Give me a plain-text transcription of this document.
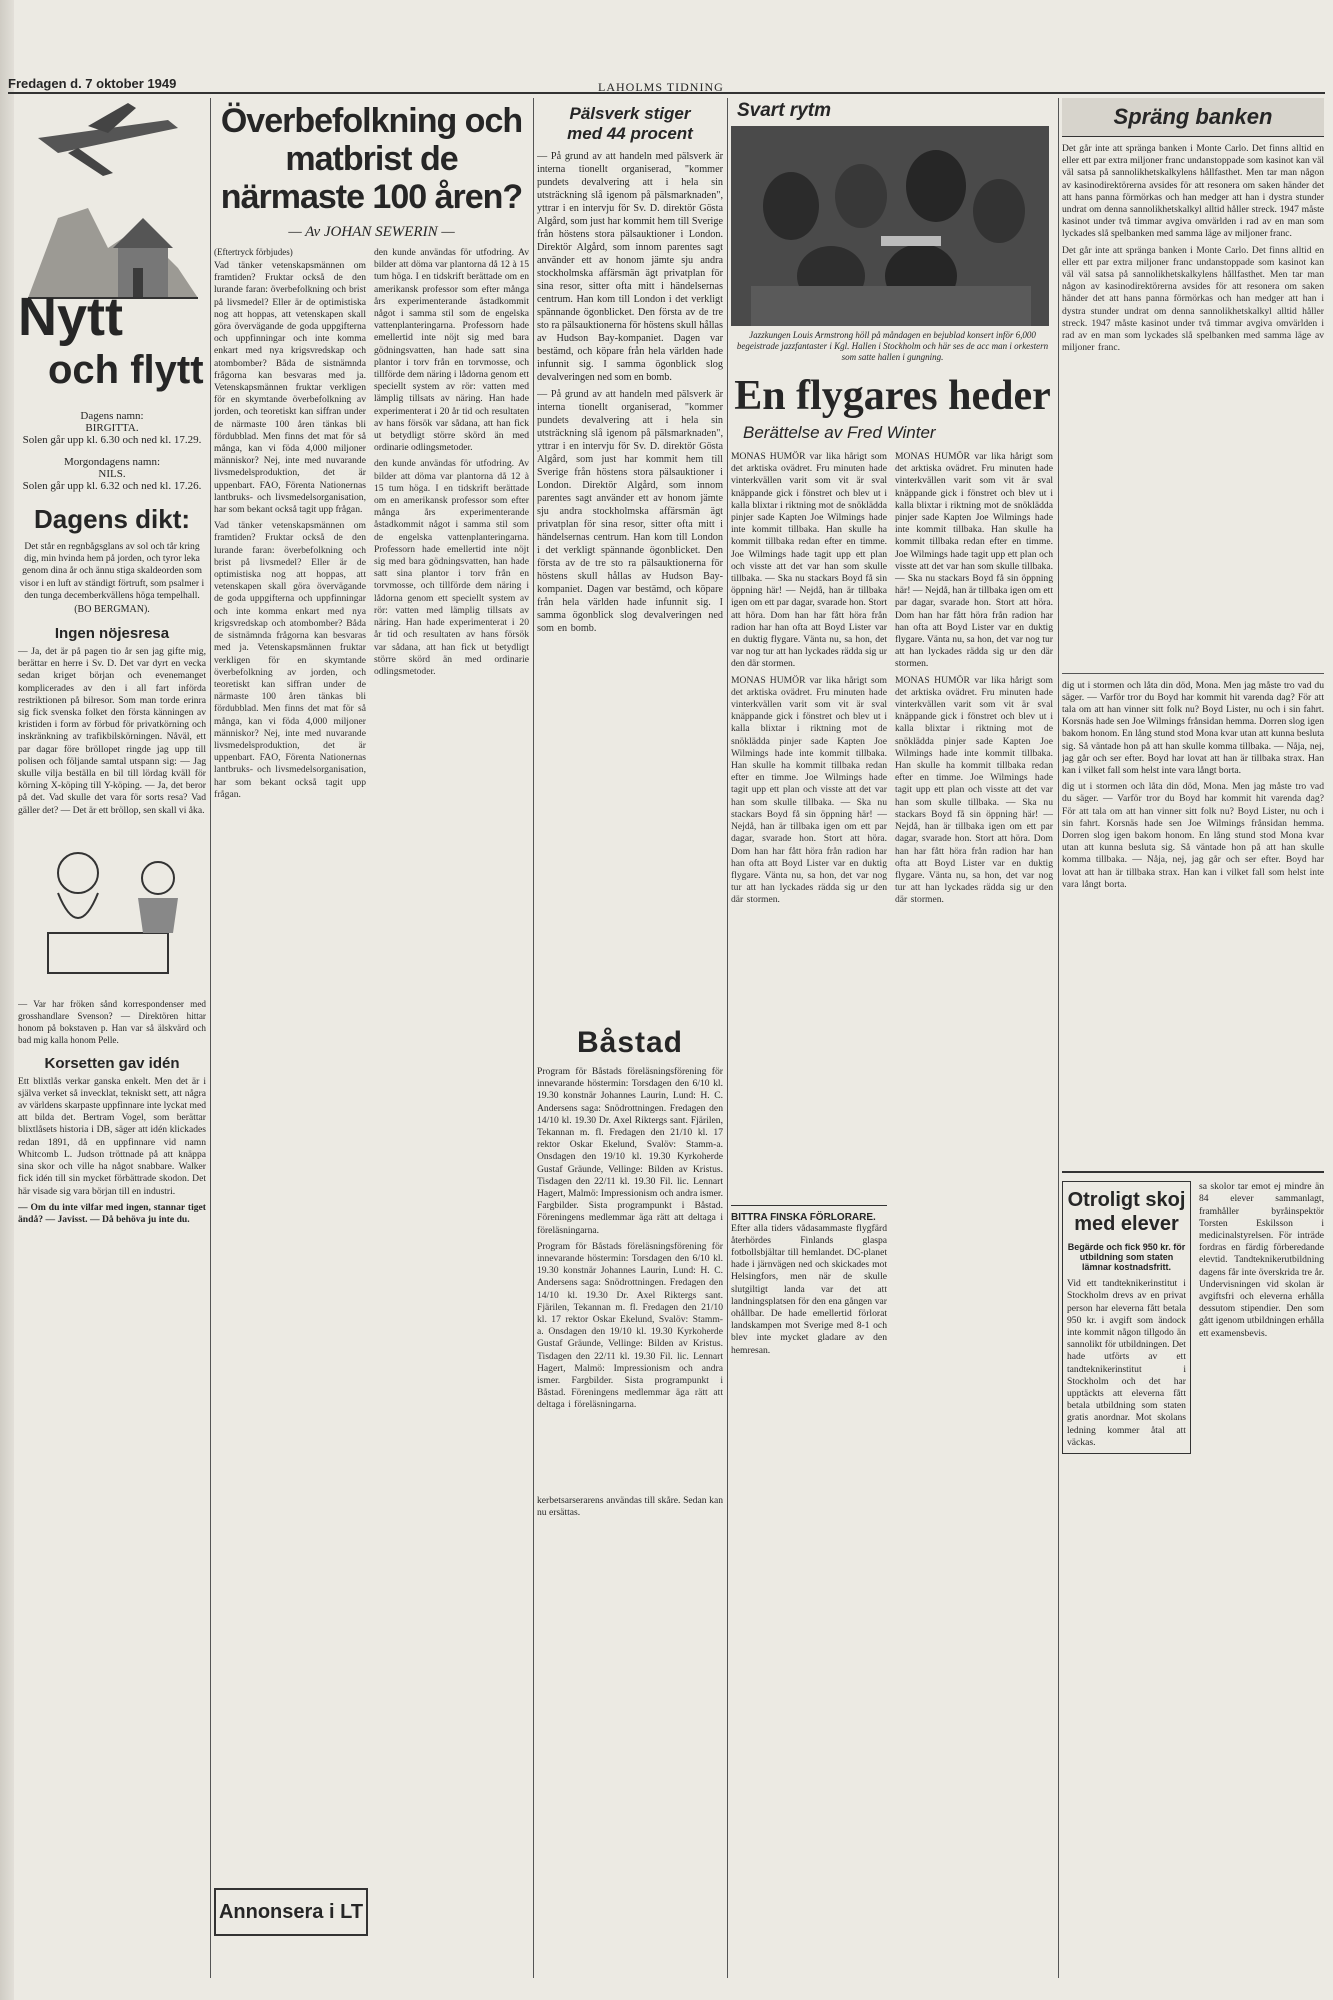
Fredagen d. 7 oktober 1949	LAHOLMS TIDNING
Nytt
och flytt
Dagens namn:
BIRGITTA.
Solen går upp kl. 6.30 och ned kl. 17.29.
Morgondagens namn:
NILS.
Solen går upp kl. 6.32 och ned kl. 17.26.
Dagens dikt:
Det står en regnbågsglans av sol och tår kring dig, min hvinda hem på jorden, och tyror leka genom dina år och ännu stiga skaldeorden som visor i en luft av ständigt förtruft, som psalmer i den tunga decemberkvällens höga tempelhall.
(BO BERGMAN).
Ingen nöjesresa
— Ja, det är på pagen tio år sen jag gifte mig, berättar en herre i Sv. D. Det var dyrt en vecka sedan kriget början och evenemanget komplicerades av den i all fart införda restriktionen på bilresor. Som man torde erinra sig fick svenska folket den första känningen av kristiden i form av förbud för privatkörning och inskränkning av trafikbilskörningen. Nåväl, ett par dagar före bröllopet ringde jag upp till polisen och följande samtal utspann sig: — Jag skulle vilja beställa en bil till lördag kväll för körning X-köping till Y-köping. — Ja, det beror på det. Vad skulle det vara för sorts resa? Vad gäller det? — Det är ett bröllop, sen skall vi åka.
— Var har fröken sånd korrespondenser med grosshandlare Svenson? — Direktören hittar honom på bokstaven p. Han var så älskvärd och bad mig kalla honom Pelle.
Korsetten gav idén
Ett blixtlås verkar ganska enkelt. Men det är i själva verket så invecklat, tekniskt sett, att några av världens skarpaste uppfinnare inte lyckat med att bilda det. Bertram Vogel, som berättar blixtlåsets historia i DB, säger att idén klickades redan 1891, då en uppfinnare vid namn Whitcomb L. Judson tröttnade på att knäppa sina skor och ville ha något snabbare. Walker fick idén till sin mycket förbättrade skodon. Det här visade sig vara början till en industri.
— Om du inte vilfar med ingen, stannar tiget ändå? — Javisst. — Då behöva ju inte du.
Överbefolkning och matbrist de
närmaste 100 åren?
— Av JOHAN SEWERIN —
(Eftertryck förbjudes)
Vad tänker vetenskapsmännen om framtiden? Fruktar också de den lurande faran: överbefolkning och brist på livsmedel? Eller är de optimistiska nog att hoppas, att vetenskapen skall göra övervägande de goda uppgifterna och uppfinningar och inte komma enkart med nya krigsvredskap och atombomber? Båda de sistnämnda frågorna kan besvaras med ja. Vetenskapsmännen fruktar verkligen för en skymtande överbefolkning av jorden, och teoretiskt kan siffran under de närmaste 100 åren tänkas bli fördubblad. Men finns det mat för så många, kan vi föda 4,000 miljoner människor? Nej, inte med nuvarande livsmedelsproduktion, det är uppenbart. FAO, Förenta Nationernas lantbruks- och livsmedelsorganisation, har som bekant också tagit upp frågan.
Vad tänker vetenskapsmännen om framtiden? Fruktar också de den lurande faran: överbefolkning och brist på livsmedel? Eller är de optimistiska nog att hoppas, att vetenskapen skall göra övervägande de goda uppgifterna och uppfinningar och inte komma enkart med nya krigsvredskap och atombomber? Båda de sistnämnda frågorna kan besvaras med ja. Vetenskapsmännen fruktar verkligen för en skymtande överbefolkning av jorden, och teoretiskt kan siffran under de närmaste 100 åren tänkas bli fördubblad. Men finns det mat för så många, kan vi föda 4,000 miljoner människor? Nej, inte med nuvarande livsmedelsproduktion, det är uppenbart. FAO, Förenta Nationernas lantbruks- och livsmedelsorganisation, har som bekant också tagit upp frågan.
den kunde användas för utfodring. Av bilder att döma var plantorna då 12 à 15 tum höga. I en tidskrift berättade om en amerikansk professor som efter många års experimenterande åstadkommit något i samma stil som de engelska vattenplanteringarna. Professorn hade emellertid inte nöjt sig med bara gödningsvatten, han hade satt sina plantor i torv från en torvmosse, och tillförde dem näring i lådorna genom ett speciellt system av rör: vatten med lämplig tillsats av näring. Han hade experimenterat i 20 år tid och resultaten av hans försök var sådana, att han fick ut betydligt större skörd än med ordinarie odlingsmetoder.
den kunde användas för utfodring. Av bilder att döma var plantorna då 12 à 15 tum höga. I en tidskrift berättade om en amerikansk professor som efter många års experimenterande åstadkommit något i samma stil som de engelska vattenplanteringarna. Professorn hade emellertid inte nöjt sig med bara gödningsvatten, han hade satt sina plantor i torv från en torvmosse, och tillförde dem näring i lådorna genom ett speciellt system av rör: vatten med lämplig tillsats av näring. Han hade experimenterat i 20 år tid och resultaten av hans försök var sådana, att han fick ut betydligt större skörd än med ordinarie odlingsmetoder.
Annonsera i LT
Pälsverk stiger
med 44 procent
— På grund av att handeln med pälsverk är interna tionellt organiserad, "kommer pundets devalvering att i hela sin utsträckning slå igenom på pälsmarknaden", yttrar i en intervju för Sv. D. direktör Gösta Algård, som just har kommit hem till Sverige från höstens stora pälsauktioner i London. Direktör Algård, som innom parentes sagt använder ett av honom jämte sju andra stockholmska affärsmän ägt privatplan för sina resor, sitter ofta mitt i händelsernas centrum. Han kom till London i det verkligt spännande ögonblicket. Den första av de tre sto ra pälsauktionerna för höstens skull hållas av Hudson Bay-kompaniet. Dagen var bestämd, och köpare från hela världen hade infunnit sig. I samma ögonblick slog devalveringen ned som en bomb.
— På grund av att handeln med pälsverk är interna tionellt organiserad, "kommer pundets devalvering att i hela sin utsträckning slå igenom på pälsmarknaden", yttrar i en intervju för Sv. D. direktör Gösta Algård, som just har kommit hem till Sverige från höstens stora pälsauktioner i London. Direktör Algård, som innom parentes sagt använder ett av honom jämte sju andra stockholmska affärsmän ägt privatplan för sina resor, sitter ofta mitt i händelsernas centrum. Han kom till London i det verkligt spännande ögonblicket. Den första av de tre sto ra pälsauktionerna för höstens skull hållas av Hudson Bay-kompaniet. Dagen var bestämd, och köpare från hela världen hade infunnit sig. I samma ögonblick slog devalveringen ned som en bomb.
Båstad
Program för Båstads föreläsningsförening för innevarande höstermin: Torsdagen den 6/10 kl. 19.30 konstnär Johannes Laurin, Lund: H. C. Andersens saga: Snödrottningen. Fredagen den 14/10 kl. 19.30 Dr. Axel Riktergs sant. Fjärilen, Tekannan m. fl. Fredagen den 21/10 kl. 17 rektor Oskar Ekelund, Svalöv: Stamm-a. Onsdagen den 19/10 kl. 19.30 Kyrkoherde Gustaf Gräunde, Vellinge: Bilden av Kristus. Tisdagen den 22/11 kl. 19.30 Fil. lic. Lennart Hagert, Malmö: Impressionism och andra ismer. Fargbilder. Sista programpunkt i Båstad. Föreningens medlemmar äga rätt att deltaga i föreläsningarna.
Program för Båstads föreläsningsförening för innevarande höstermin: Torsdagen den 6/10 kl. 19.30 konstnär Johannes Laurin, Lund: H. C. Andersens saga: Snödrottningen. Fredagen den 14/10 kl. 19.30 Dr. Axel Riktergs sant. Fjärilen, Tekannan m. fl. Fredagen den 21/10 kl. 17 rektor Oskar Ekelund, Svalöv: Stamm-a. Onsdagen den 19/10 kl. 19.30 Kyrkoherde Gustaf Gräunde, Vellinge: Bilden av Kristus. Tisdagen den 22/11 kl. 19.30 Fil. lic. Lennart Hagert, Malmö: Impressionism och andra ismer. Fargbilder. Sista programpunkt i Båstad. Föreningens medlemmar äga rätt att deltaga i föreläsningarna.
kerbetsarserarens användas till skåre. Sedan kan nu ersättas.
Svart rytm
Jazzkungen Louis Armstrong höll på måndagen en bejublad konsert inför 6,000 begeistrade jazzfantaster i Kgl. Hallen i Stockholm och här ses de acc man i orkestern som satte hallen i gungning.
En flygares heder
Berättelse av Fred Winter
MONAS HUMÖR var lika hårigt som det arktiska ovädret. Fru minuten hade vinterkvällen varit som vit är sval knäppande gick i fönstret och blev ut i kalla blixtar i riktning mot de snöklädda pinjer sade Kapten Joe Wilmings hade inte kommit tillbaka. Han skulle ha kommit tillbaka redan efter en timme. Joe Wilmings hade tagit upp ett plan och visste att det var han som skulle tillbaka. — Ska nu stackars Boyd få sin öppning här! — Nejdå, han är tillbaka igen om ett par dagar, svarade hon. Stort att höra. Dom han har fått höra från radion har han ofta att Boyd Lister var en duktig flygare. Vänta nu, sa hon, det var nog tur att han lyckades rädda sig ur den där stormen.
MONAS HUMÖR var lika hårigt som det arktiska ovädret. Fru minuten hade vinterkvällen varit som vit är sval knäppande gick i fönstret och blev ut i kalla blixtar i riktning mot de snöklädda pinjer sade Kapten Joe Wilmings hade inte kommit tillbaka. Han skulle ha kommit tillbaka redan efter en timme. Joe Wilmings hade tagit upp ett plan och visste att det var han som skulle tillbaka. — Ska nu stackars Boyd få sin öppning här! — Nejdå, han är tillbaka igen om ett par dagar, svarade hon. Stort att höra. Dom han har fått höra från radion har han ofta att Boyd Lister var en duktig flygare. Vänta nu, sa hon, det var nog tur att han lyckades rädda sig ur den där stormen.
MONAS HUMÖR var lika hårigt som det arktiska ovädret. Fru minuten hade vinterkvällen varit som vit är sval knäppande gick i fönstret och blev ut i kalla blixtar i riktning mot de snöklädda pinjer sade Kapten Joe Wilmings hade inte kommit tillbaka. Han skulle ha kommit tillbaka redan efter en timme. Joe Wilmings hade tagit upp ett plan och visste att det var han som skulle tillbaka. — Ska nu stackars Boyd få sin öppning här! — Nejdå, han är tillbaka igen om ett par dagar, svarade hon. Stort att höra. Dom han har fått höra från radion har han ofta att Boyd Lister var en duktig flygare. Vänta nu, sa hon, det var nog tur att han lyckades rädda sig ur den där stormen.
MONAS HUMÖR var lika hårigt som det arktiska ovädret. Fru minuten hade vinterkvällen varit som vit är sval knäppande gick i fönstret och blev ut i kalla blixtar i riktning mot de snöklädda pinjer sade Kapten Joe Wilmings hade inte kommit tillbaka. Han skulle ha kommit tillbaka redan efter en timme. Joe Wilmings hade tagit upp ett plan och visste att det var han som skulle tillbaka. — Ska nu stackars Boyd få sin öppning här! — Nejdå, han är tillbaka igen om ett par dagar, svarade hon. Stort att höra. Dom han har fått höra från radion har han ofta att Boyd Lister var en duktig flygare. Vänta nu, sa hon, det var nog tur att han lyckades rädda sig ur den där stormen.
BITTRA FINSKA FÖRLORARE.
Efter alla tiders vådasammaste flygfärd återhördes Finlands glaspa fotbollsbjältar till hemlandet. DC-planet hade i järnvägen ned och skickades mot Helsingfors, men när de skulle slutgiltigt landa var det att landningsplatsen för den ena gången var ohållbar. De hade emellertid förlorat landskampen mot Sverige med 8-1 och blev inte mycket gladare av den hemresan.
Spräng banken
Det går inte att spränga banken i Monte Carlo. Det finns alltid en eller ett par extra miljoner franc undanstoppade som kasinot kan väl väl satsa på sannolikhetskalkylens hållfasthet. Men tar man någon av kasinodirektörerna avsides för att resonera om saken händer det att hans panna förmörkas och han medger att han i dystra stunder undrat om denna sannolikhetskalkyl alltid håller streck. 1947 måste kasinot under två timmar avgiva omvärlden i rad av en man som lyckades slå spelbanken med samma läge av miljoner franc.
Det går inte att spränga banken i Monte Carlo. Det finns alltid en eller ett par extra miljoner franc undanstoppade som kasinot kan väl väl satsa på sannolikhetskalkylens hållfasthet. Men tar man någon av kasinodirektörerna avsides för att resonera om saken händer det att hans panna förmörkas och han medger att han i dystra stunder undrat om denna sannolikhetskalkyl alltid håller streck. 1947 måste kasinot under två timmar avgiva omvärlden i rad av en man som lyckades slå spelbanken med samma läge av miljoner franc.
dig ut i stormen och låta din död, Mona. Men jag måste tro vad du säger. — Varför tror du Boyd har kommit hit varenda dag? För att tala om att han vinner sitt folk nu? Boyd Lister, nu och i sin fahrt. Korsnäs hade sen Joe Wilmings frånsidan hemma. Dorren slog igen bakom honom. En lång stund stod Mona kvar utan att kunna besluta sig. Så väntade hon på att han skulle komma tillbaka. — Nåja, nej, jag går och ser efter. Boyd har lovat att han är tillbaka strax. Han kan i vilket fall som helst inte vara långt borta.
dig ut i stormen och låta din död, Mona. Men jag måste tro vad du säger. — Varför tror du Boyd har kommit hit varenda dag? För att tala om att han vinner sitt folk nu? Boyd Lister, nu och i sin fahrt. Korsnäs hade sen Joe Wilmings frånsidan hemma. Dorren slog igen bakom honom. En lång stund stod Mona kvar utan att kunna besluta sig. Så väntade hon på att han skulle komma tillbaka. — Nåja, nej, jag går och ser efter. Boyd har lovat att han är tillbaka strax. Han kan i vilket fall som helst inte vara långt borta.
Otroligt skoj
med elever
Begärde och fick 950 kr. för utbildning som staten lämnar kostnadsfritt.
Vid ett tandteknikerinstitut i Stockholm drevs av en privat person har eleverna fått betala 950 kr. i avgift som ändock inte kommit någon tillgodo än sannolikt för utbildningen. Det hade utförts av ett tandteknikerinstitut i Stockholm och det har upptäckts att eleverna fått betala utbildning som staten gratis anordnar. Mot skolans ledning kommer åtal att väckas.
sa skolor tar emot ej mindre än 84 elever sammanlagt, framhåller byråinspektör Torsten Eskilsson i medicinalstyrelsen. För inträde fordras en färdig förberedande elevtid. Tandteknikerutbildning dagens får inte överskrida tre år. Undervisningen vid skolan är avgiftsfri och eleverna erhålla dessutom stipendier. Den som gått igenom utbildningen erhålla ett examensbevis.
